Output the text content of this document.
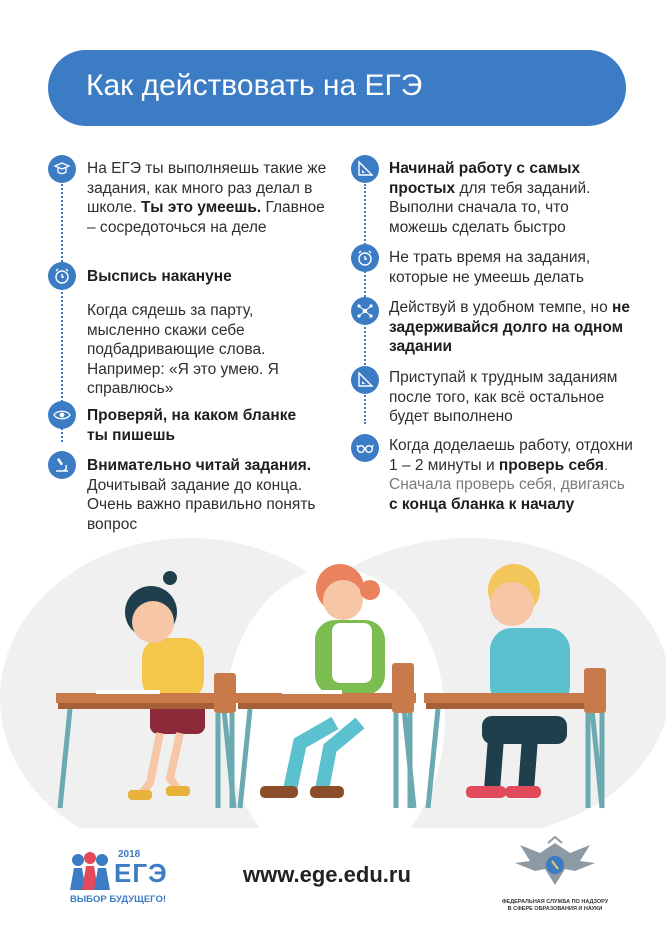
Как действовать на ЕГЭ
На ЕГЭ ты выполняешь такие же задания, как много раз делал в школе. Ты это умеешь. Главное – сосредоточься на деле
Выспись накануне
Когда сядешь за парту, мысленно скажи себе подбадривающие слова. Например: «Я это умею. Я справлюсь»
Проверяй, на каком бланке ты пишешь
Внимательно читай задания. Дочитывай задание до конца. Очень важно правильно понять вопрос
Начинай работу с самых простых для тебя заданий. Выполни сначала то, что можешь сделать быстро
Не трать время на задания, которые не умеешь делать
Действуй в удобном темпе, но не задерживайся долго на одном задании
Приступай к трудным заданиям после того, как всё остальное будет выполнено
Когда доделаешь работу, отдохни 1 – 2 минуты и проверь себя. Сначала проверь себя, двигаясь с конца бланка к началу
2018
ЕГЭ
ВЫБОР БУДУЩЕГО!
www.ege.edu.ru
ФЕДЕРАЛЬНАЯ СЛУЖБА ПО НАДЗОРУ В СФЕРЕ ОБРАЗОВАНИЯ И НАУКИ
